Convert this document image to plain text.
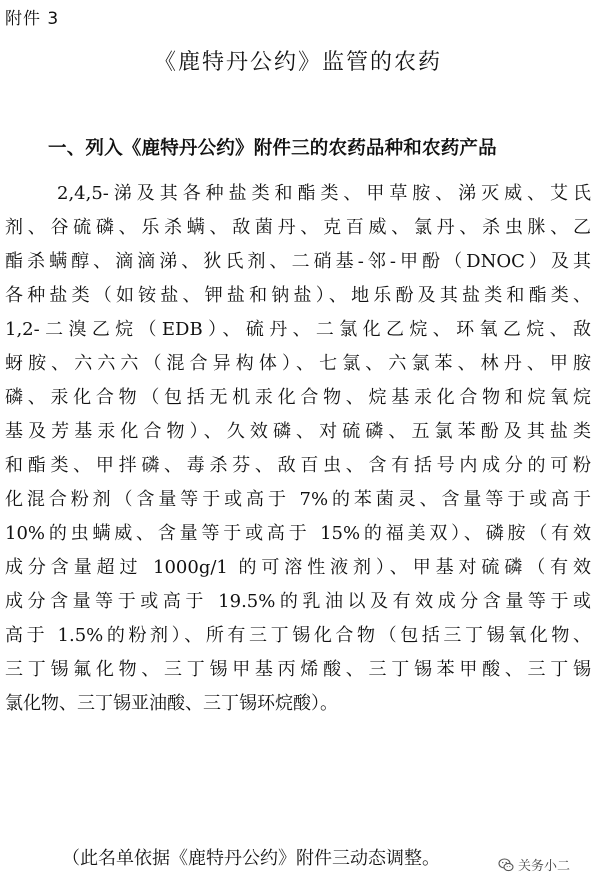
附件 3
《鹿特丹公约》监管的农药
一、列入《鹿特丹公约》附件三的农药品种和农药产品
2,4,5-涕及其各种盐类和酯类、甲草胺、涕灭威、艾氏
剂、谷硫磷、乐杀螨、敌菌丹、克百威、氯丹、杀虫脒、乙
酯杀螨醇、滴滴涕、狄氏剂、二硝基-邻-甲酚（DNOC）及其
各种盐类（如铵盐、钾盐和钠盐）、地乐酚及其盐类和酯类、
1,2-二溴乙烷（EDB）、硫丹、二氯化乙烷、环氧乙烷、敌
蚜胺、六六六（混合异构体）、七氯、六氯苯、林丹、甲胺
磷、汞化合物（包括无机汞化合物、烷基汞化合物和烷氧烷
基及芳基汞化合物）、久效磷、对硫磷、五氯苯酚及其盐类
和酯类、甲拌磷、毒杀芬、敌百虫、含有括号内成分的可粉
化混合粉剂（含量等于或高于 7%的苯菌灵、含量等于或高于
10%的虫螨威、含量等于或高于 15%的福美双）、磷胺（有效
成分含量超过 1000g/1 的可溶性液剂）、甲基对硫磷（有效
成分含量等于或高于 19.5%的乳油以及有效成分含量等于或
高于 1.5%的粉剂）、所有三丁锡化合物（包括三丁锡氧化物、
三丁锡氟化物、三丁锡甲基丙烯酸、三丁锡苯甲酸、三丁锡
氯化物、三丁锡亚油酸、三丁锡环烷酸）。
（此名单依据《鹿特丹公约》附件三动态调整。	关务小二
